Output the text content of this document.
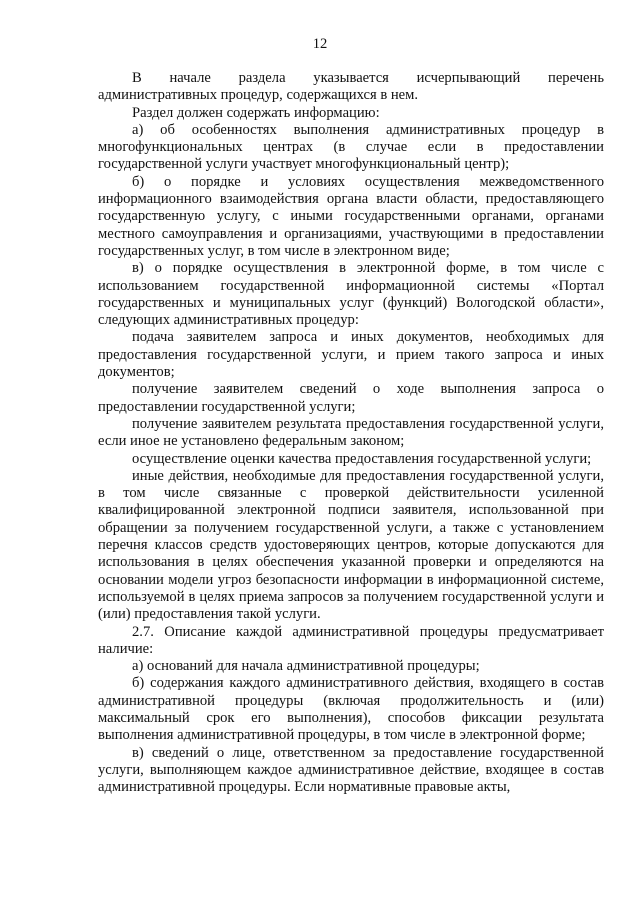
12

В начале раздела указывается исчерпывающий перечень административных процедур, содержащихся в нем.

Раздел должен содержать информацию:

а) об особенностях выполнения административных процедур в многофункциональных центрах (в случае если в предоставлении государственной услуги участвует многофункциональный центр);

б) о порядке и условиях осуществления межведомственного информационного взаимодействия органа власти области, предоставляющего государственную услугу, с иными государственными органами, органами местного самоуправления и организациями, участвующими в предоставлении государственных услуг, в том числе в электронном виде;

в) о порядке осуществления в электронной форме, в том числе с использованием государственной информационной системы «Портал государственных и муниципальных услуг (функций) Вологодской области», следующих административных процедур:

подача заявителем запроса и иных документов, необходимых для предоставления государственной услуги, и прием такого запроса и иных документов;

получение заявителем сведений о ходе выполнения запроса о предоставлении государственной услуги;

получение заявителем результата предоставления государственной услуги, если иное не установлено федеральным законом;

осуществление оценки качества предоставления государственной услуги;

иные действия, необходимые для предоставления государственной услуги, в том числе связанные с проверкой действительности усиленной квалифицированной электронной подписи заявителя, использованной при обращении за получением государственной услуги, а также с установлением перечня классов средств удостоверяющих центров, которые допускаются для использования в целях обеспечения указанной проверки и определяются на основании модели угроз безопасности информации в информационной системе, используемой в целях приема запросов за получением государственной услуги и (или) предоставления такой услуги.

2.7. Описание каждой административной процедуры предусматривает наличие:

а) оснований для начала административной процедуры;

б) содержания каждого административного действия, входящего в состав административной процедуры (включая продолжительность и (или) максимальный срок его выполнения), способов фиксации результата выполнения административной процедуры, в том числе в электронной форме;

в) сведений о лице, ответственном за предоставление государственной услуги, выполняющем каждое административное действие, входящее в состав административной процедуры. Если нормативные правовые акты,
